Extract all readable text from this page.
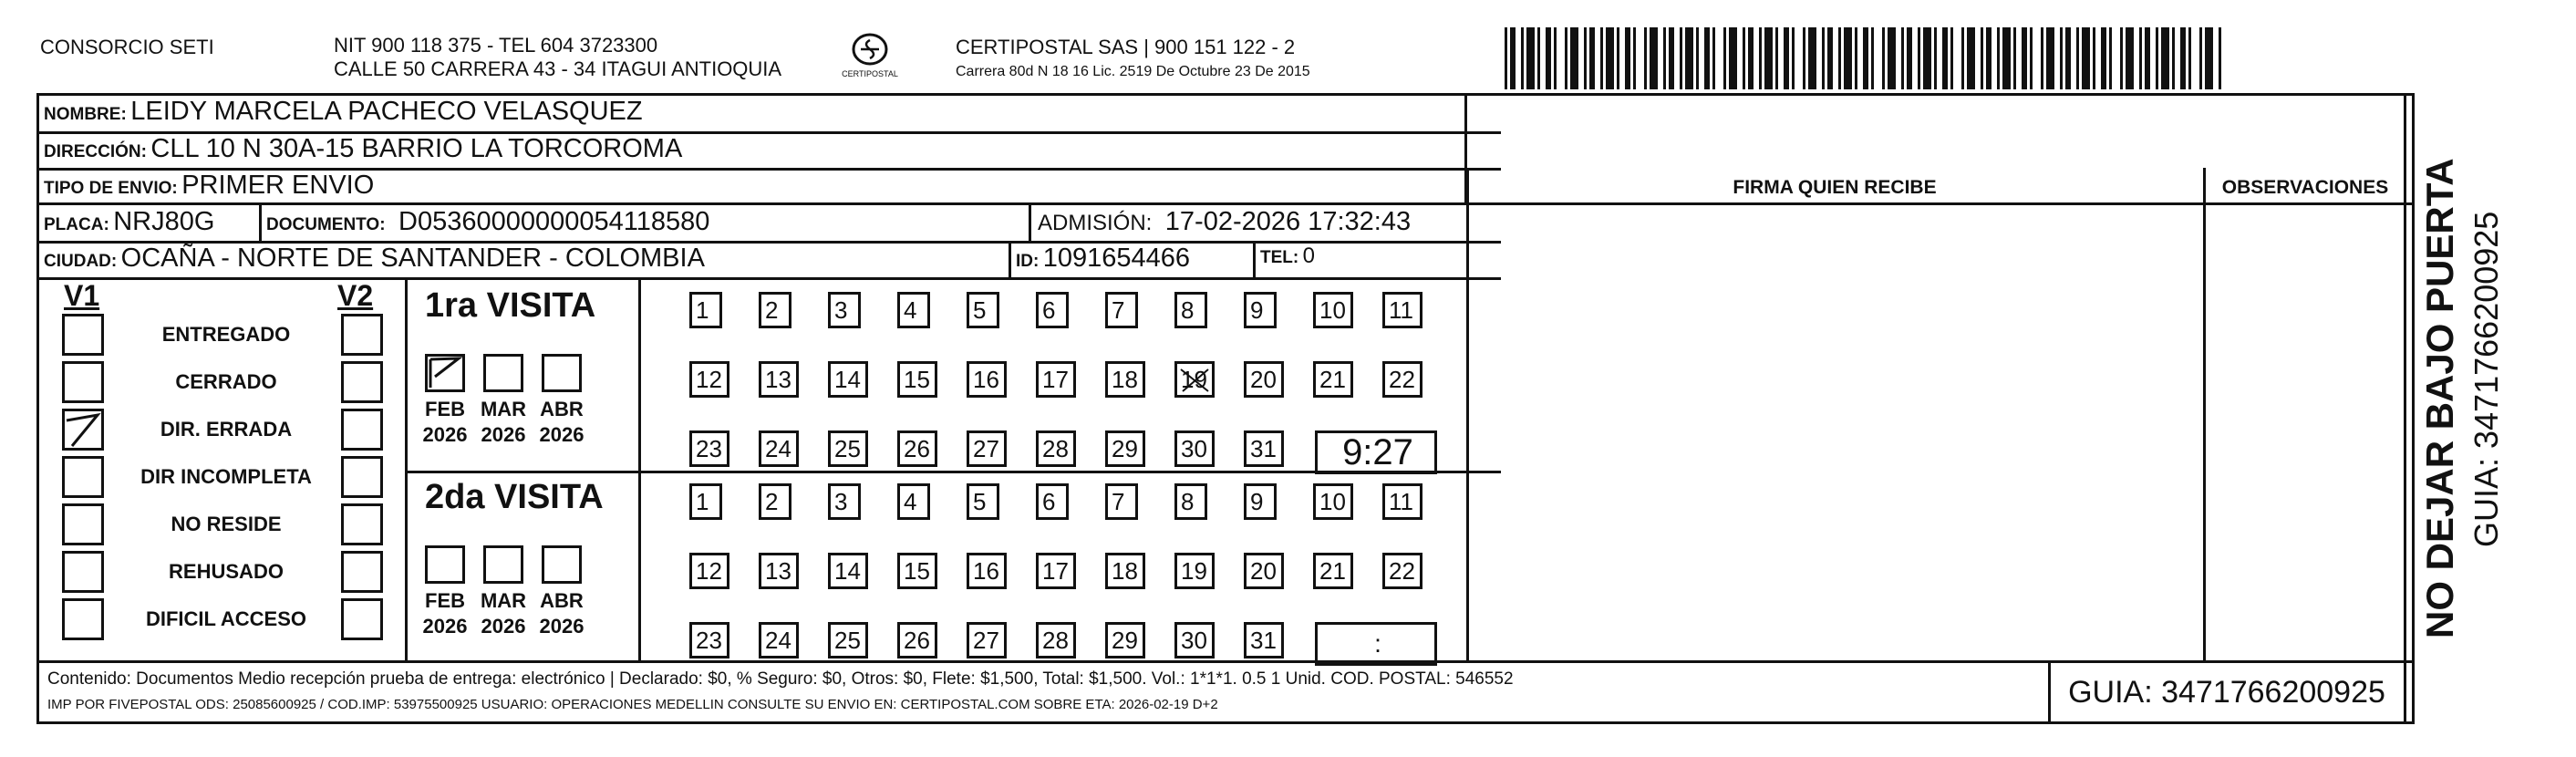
CONSORCIO SETI	NIT 900 118 375 - TEL 604 3723300
CALLE 50 CARRERA 43 - 34 ITAGUI ANTIOQUIA	CERTIPOSTAL
CERTIPOSTAL SAS | 900 151 122 - 2
Carrera 80d N 18 16 Lic. 2519 De Octubre 23 De 2015
NOMBRE: LEIDY MARCELA PACHECO VELASQUEZ
DIRECCIÓN: CLL 10 N 30A-15 BARRIO LA TORCOROMA
TIPO DE ENVIO: PRIMER ENVIO
PLACA: NRJ80G	DOCUMENTO: D05360000000054118580	ADMISIÓN: 17-02-2026 17:32:43
CIUDAD: OCAÑA - NORTE DE SANTANDER - COLOMBIA	ID: 1091654466	TEL: 0
FIRMA QUIEN RECIBE	OBSERVACIONES
V1	V2
ENTREGADO
CERRADO
DIR. ERRADA
DIR INCOMPLETA
NO RESIDE
REHUSADO
DIFICIL ACCESO
1ra VISITA
2da VISITA
FEB
2026
MAR
2026
ABR
2026
1	2	3	4	5	6	7	8	9	10	11
12	13	14	15	16	17	18	19	20	21	22
23	24	25	26	27	28	29	30	31	9:27
FEB
2026
MAR
2026
ABR
2026
1	2	3	4	5	6	7	8	9	10	11
12	13	14	15	16	17	18	19	20	21	22
23	24	25	26	27	28	29	30	31	:
Contenido: Documentos Medio recepción prueba de entrega: electrónico | Declarado: $0, % Seguro: $0, Otros: $0, Flete: $1,500, Total: $1,500. Vol.: 1*1*1. 0.5 1 Unid. COD. POSTAL: 546552
IMP POR FIVEPOSTAL ODS: 25085600925 / COD.IMP: 53975500925 USUARIO: OPERACIONES MEDELLIN CONSULTE SU ENVIO EN: CERTIPOSTAL.COM SOBRE ETA: 2026-02-19 D+2	GUIA: 3471766200925
NO DEJAR BAJO PUERTA GUIA: 3471766200925
